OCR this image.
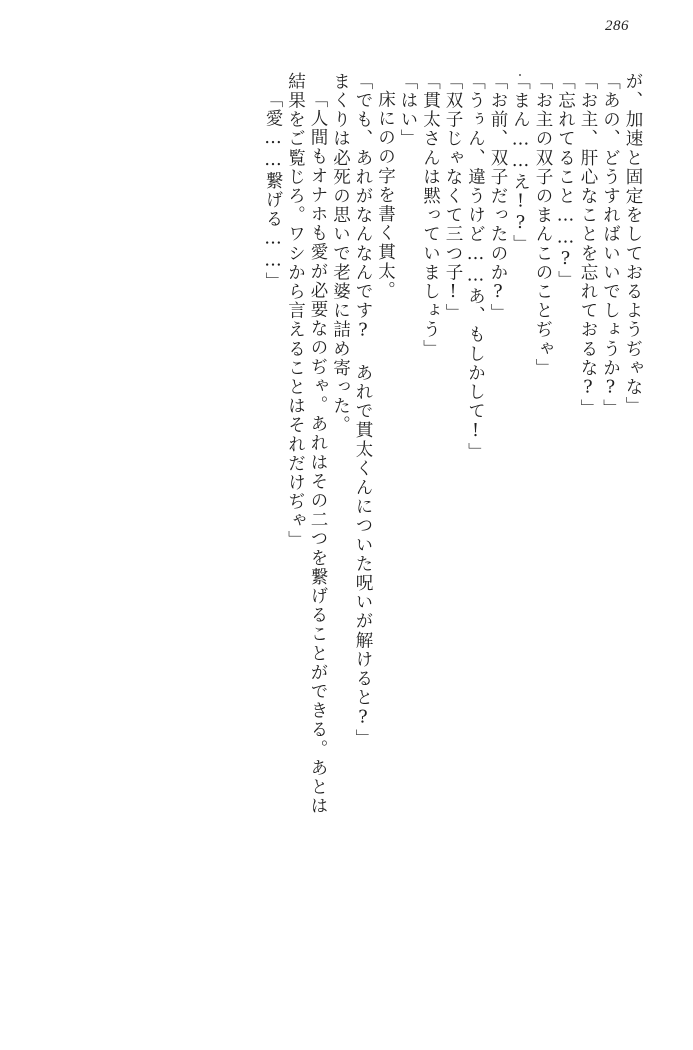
286
が、加速と固定をしておるようぢゃな」
「あの、どうすればいいでしょうか?」
「お主、肝心なことを忘れておるな?」
「忘れてること……?」
「お主の双子のまんこのことぢゃ」
「まん……え!?」
「お前、双子だったのか?」
「うぅん、違うけど……あ、もしかして!」
「双子じゃなくて三つ子!」
「貫太さんは黙っていましょう」
「はい」
床にのの字を書く貫太。
「でも、あれがなんなんです? あれで貫太くんについた呪いが解けると?」
まくりは必死の思いで老婆に詰め寄った。
「人間もオナホも愛が必要なのぢゃ。あれはその二つを繋げることができる。あとは
結果をご覧じろ。ワシから言えることはそれだけぢゃ」
「愛……繋げる……」
